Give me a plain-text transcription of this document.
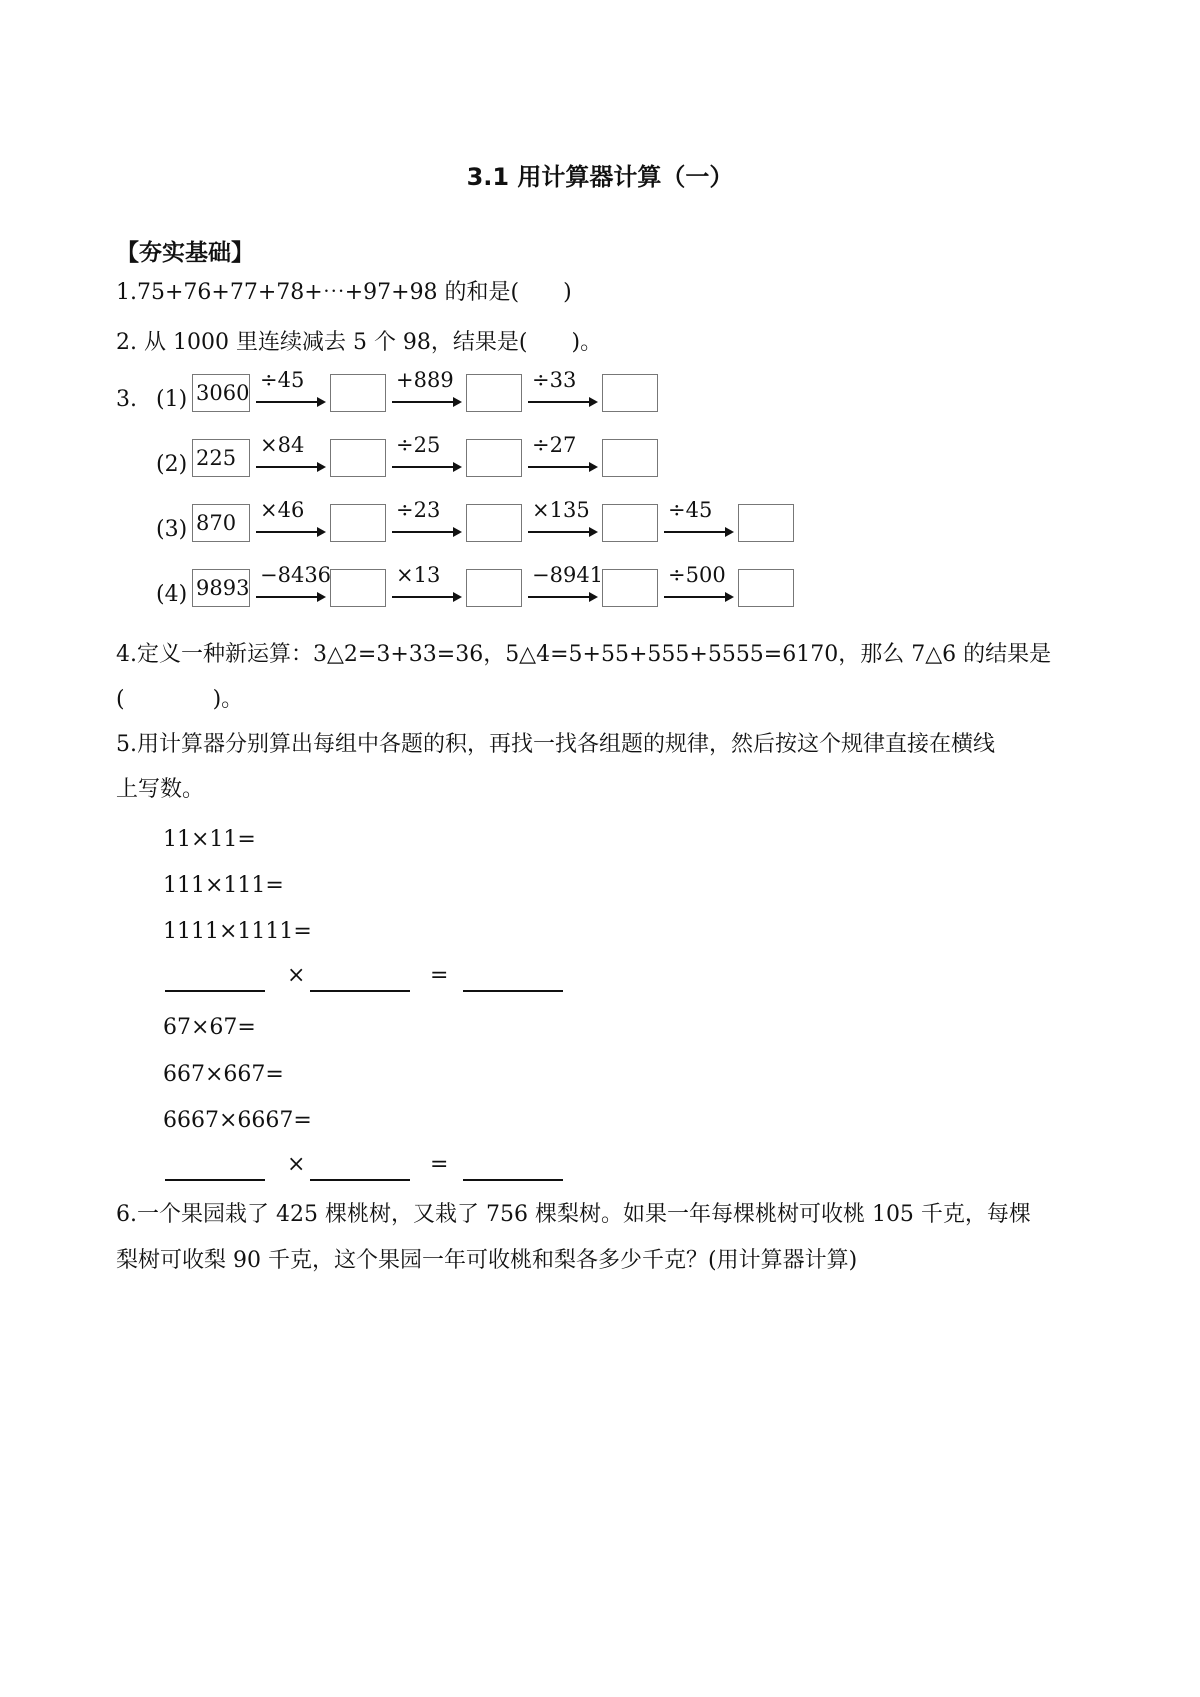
3.1 用计算器计算（一）
【夯实基础】
1.75+76+77+78+⋯+97+98 的和是(　　)
2. 从 1000 里连续减去 5 个 98，结果是(　　)。
3. (1) 3060
÷45	+889	÷33
(2) 225
×84	÷25	÷27
(3) 870
×46	÷23	×135	÷45
(4) 9893
−8436	×13	−8941	÷500
4.定义一种新运算：3△2=3+33=36，5△4=5+55+555+5555=6170，那么 7△6 的结果是
(　　　　)。
5.用计算器分别算出每组中各题的积，再找一找各组题的规律，然后按这个规律直接在横线
上写数。
11×11=
111×111=
1111×1111=
×	=
67×67=
667×667=
6667×6667=
×	=
6.一个果园栽了 425 棵桃树，又栽了 756 棵梨树。如果一年每棵桃树可收桃 105 千克，每棵
梨树可收梨 90 千克，这个果园一年可收桃和梨各多少千克？(用计算器计算)
